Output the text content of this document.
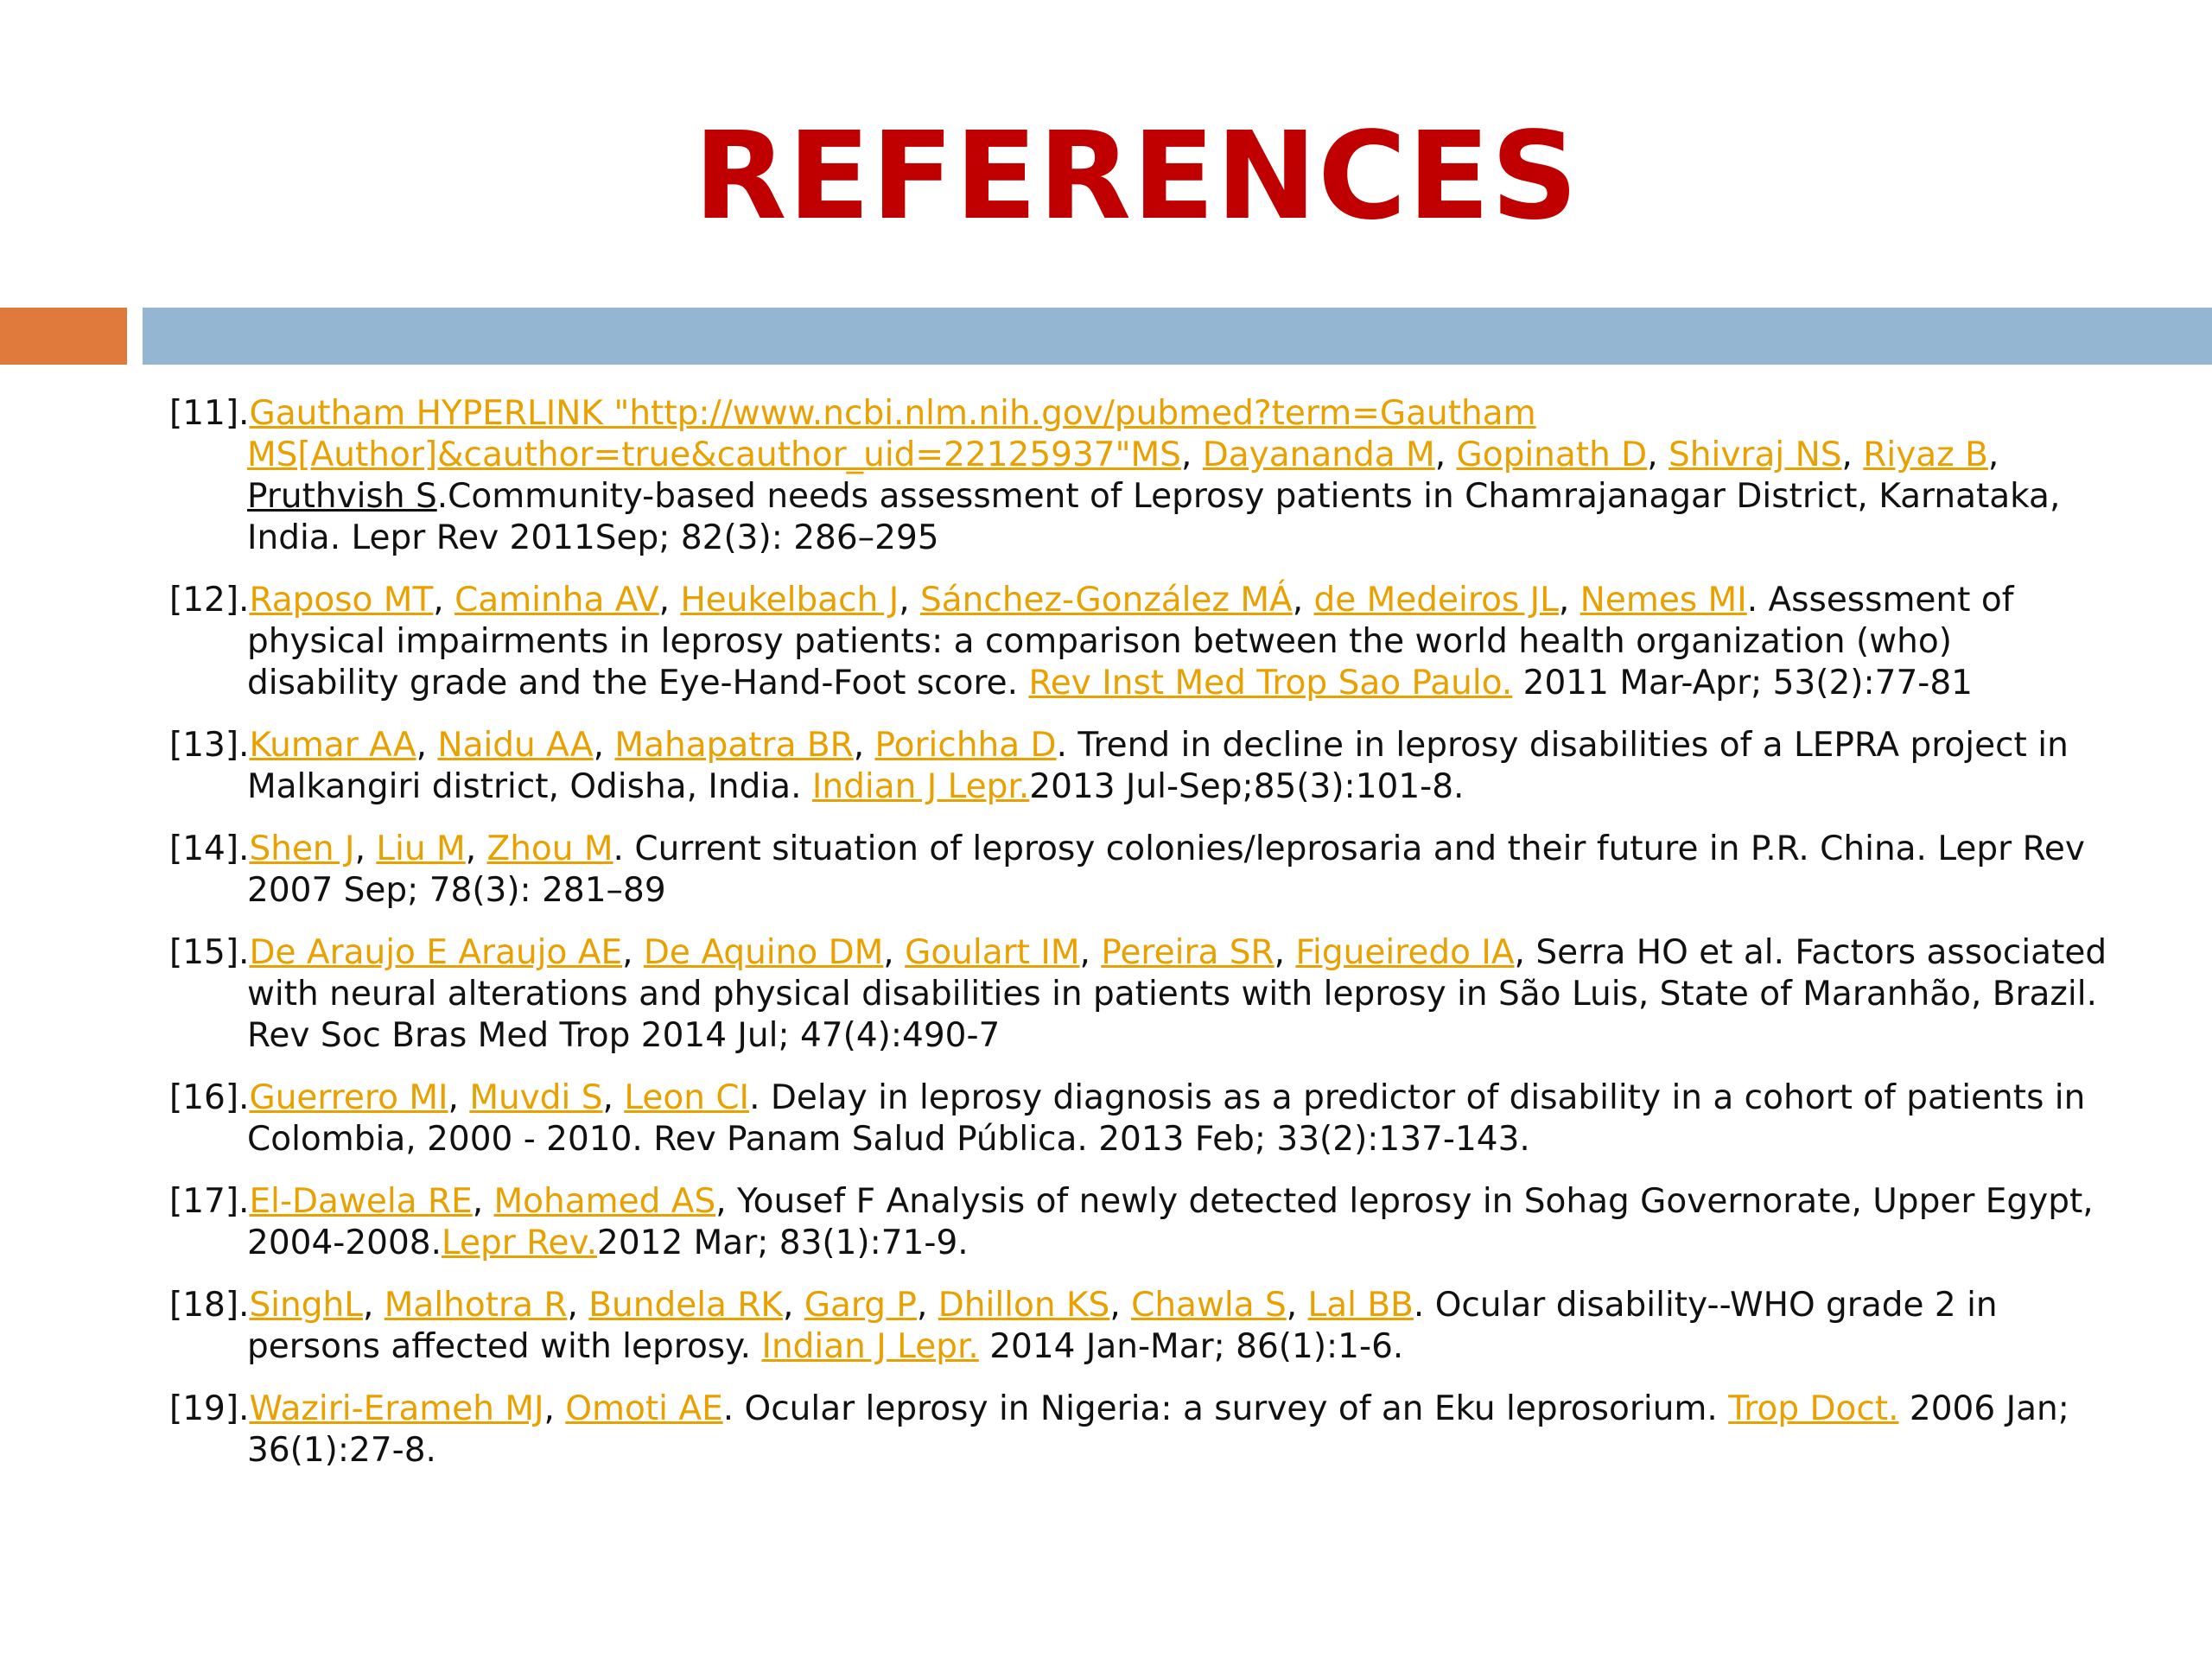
REFERENCES
[11].Gautham HYPERLINK "http://www.ncbi.nlm.nih.gov/pubmed?term=Gautham MS[Author]&cauthor=true&cauthor_uid=22125937"MS, Dayananda M, Gopinath D, Shivraj NS, Riyaz B, Pruthvish S.Community-based needs assessment of Leprosy patients in Chamrajanagar District, Karnataka, India. Lepr Rev 2011Sep; 82(3): 286–295
[12].Raposo MT, Caminha AV, Heukelbach J, Sánchez-González MÁ, de Medeiros JL, Nemes MI. Assessment of physical impairments in leprosy patients: a comparison between the world health organization (who) disability grade and the Eye-Hand-Foot score. Rev Inst Med Trop Sao Paulo. 2011 Mar-Apr; 53(2):77-81
[13].Kumar AA, Naidu AA, Mahapatra BR, Porichha D. Trend in decline in leprosy disabilities of a LEPRA project in Malkangiri district, Odisha, India. Indian J Lepr.2013 Jul-Sep;85(3):101-8.
[14].Shen J, Liu M, Zhou M. Current situation of leprosy colonies/leprosaria and their future in P.R. China. Lepr Rev 2007 Sep; 78(3): 281–89
[15].De Araujo E Araujo AE, De Aquino DM, Goulart IM, Pereira SR, Figueiredo IA, Serra HO et al. Factors associated with neural alterations and physical disabilities in patients with leprosy in São Luis, State of Maranhão, Brazil. Rev Soc Bras Med Trop 2014 Jul; 47(4):490-7
[16].Guerrero MI, Muvdi S, Leon CI. Delay in leprosy diagnosis as a predictor of disability in a cohort of patients in Colombia, 2000 - 2010. Rev Panam Salud Pública. 2013 Feb; 33(2):137-143.
[17].El-Dawela RE, Mohamed AS, Yousef F Analysis of newly detected leprosy in Sohag Governorate, Upper Egypt, 2004-2008.Lepr Rev.2012 Mar; 83(1):71-9.
[18].SinghL, Malhotra R, Bundela RK, Garg P, Dhillon KS, Chawla S, Lal BB. Ocular disability--WHO grade 2 in persons affected with leprosy. Indian J Lepr. 2014 Jan-Mar; 86(1):1-6.
[19].Waziri-Erameh MJ, Omoti AE. Ocular leprosy in Nigeria: a survey of an Eku leprosorium. Trop Doct. 2006 Jan; 36(1):27-8.
